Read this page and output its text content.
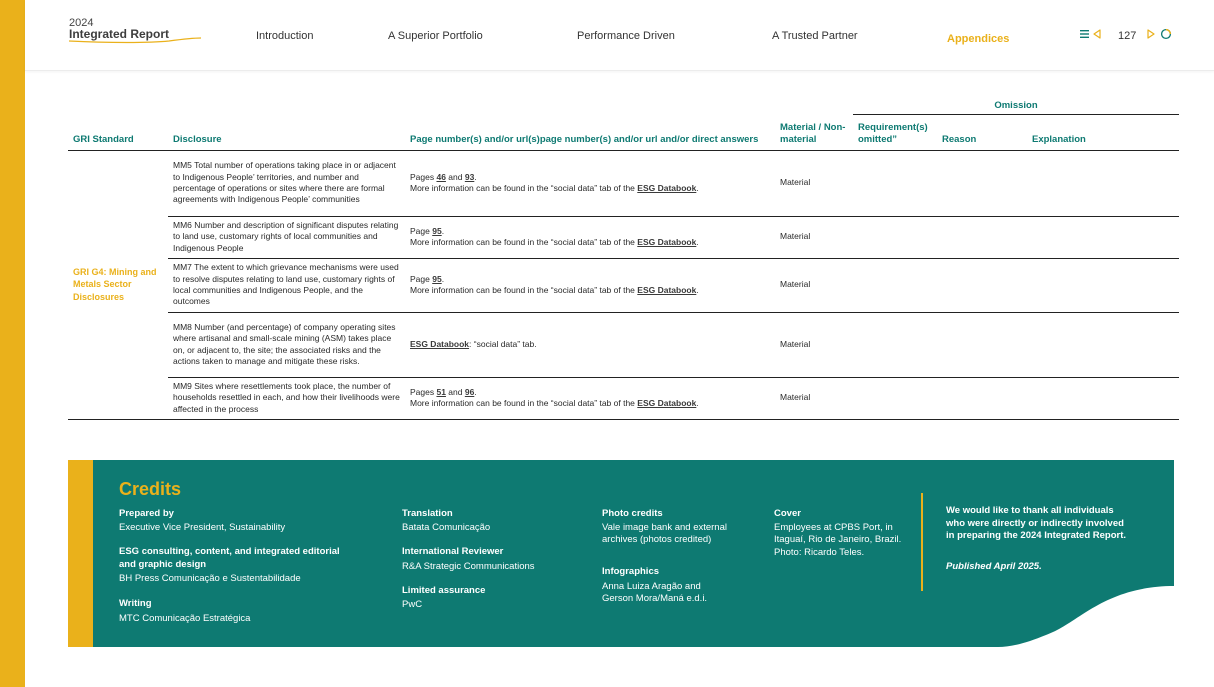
2024
Integrated Report	Introduction	A Superior Portfolio	Performance Driven	A Trusted Partner	Appendices	127
				Omission		
GRI Standard	Disclosure	Page number(s) and/or url(s)page number(s) and/or url and/or direct answers	Material / Non-material	Requirement(s) omitted”	Reason	Explanation
GRI G4: Mining and Metals Sector Disclosures	MM5 Total number of operations taking place in or adjacent to Indigenous People’ territories, and number and percentage of operations or sites where there are formal agreements with Indigenous People’ communities	Pages 46 and 93.
More information can be found in the “social data” tab of the ESG Databook.	Material			
	MM6 Number and description of significant disputes relating to land use, customary rights of local communities and Indigenous People	Page 95.
More information can be found in the “social data” tab of the ESG Databook.	Material			
	MM7 The extent to which grievance mechanisms were used to resolve disputes relating to land use, customary rights of local communities and Indigenous People, and the outcomes	Page 95.
More information can be found in the “social data” tab of the ESG Databook.	Material			
	MM8 Number (and percentage) of company operating sites where artisanal and small-scale mining (ASM) takes place on, or adjacent to, the site; the associated risks and the actions taken to manage and mitigate these risks.	ESG Databook: “social data” tab.	Material			
	MM9 Sites where resettlements took place, the number of households resettled in each, and how their livelihoods were affected in the process	Pages 51 and 96.
More information can be found in the “social data” tab of the ESG Databook.	Material			
Credits
Prepared by
Executive Vice President, Sustainability
ESG consulting, content, and integrated editorial and graphic design
BH Press Comunicação e Sustentabilidade
Writing
MTC Comunicação Estratégica
Translation
Batata Comunicação
International Reviewer
R&A Strategic Communications
Limited assurance
PwC
Photo credits
Vale image bank and external archives (photos credited)
Infographics
Anna Luiza Aragão and Gerson Mora/Maná e.d.i.
Cover
Employees at CPBS Port, in Itaguaí, Rio de Janeiro, Brazil. Photo: Ricardo Teles.
We would like to thank all individuals who were directly or indirectly involved in preparing the 2024 Integrated Report.
Published April 2025.
